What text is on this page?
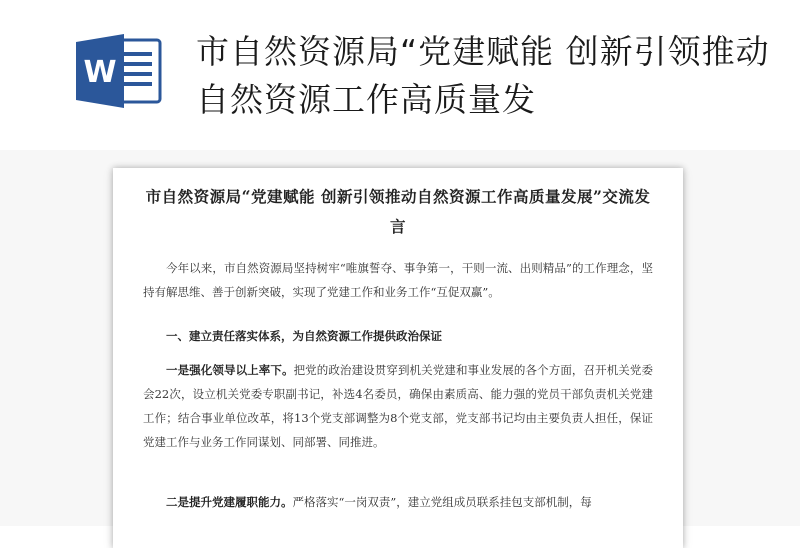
W
市自然资源局“党建赋能 创新引领推动自然资源工作高质量发
市自然资源局“党建赋能 创新引领推动自然资源工作高质量发展”交流发言

今年以来，市自然资源局坚持树牢“唯旗誓夺、事争第一，干则一流、出则精品”的工作理念，坚持有解思维、善于创新突破，实现了党建工作和业务工作“互促双赢”。

一、建立责任落实体系，为自然资源工作提供政治保证

一是强化领导以上率下。把党的政治建设贯穿到机关党建和事业发展的各个方面，召开机关党委会22次，设立机关党委专职副书记，补选4名委员，确保由素质高、能力强的党员干部负责机关党建工作；结合事业单位改革，将13个党支部调整为8个党支部，党支部书记均由主要负责人担任，保证党建工作与业务工作同谋划、同部署、同推进。

二是提升党建履职能力。严格落实“一岗双责”，建立党组成员联系挂包支部机制，每
